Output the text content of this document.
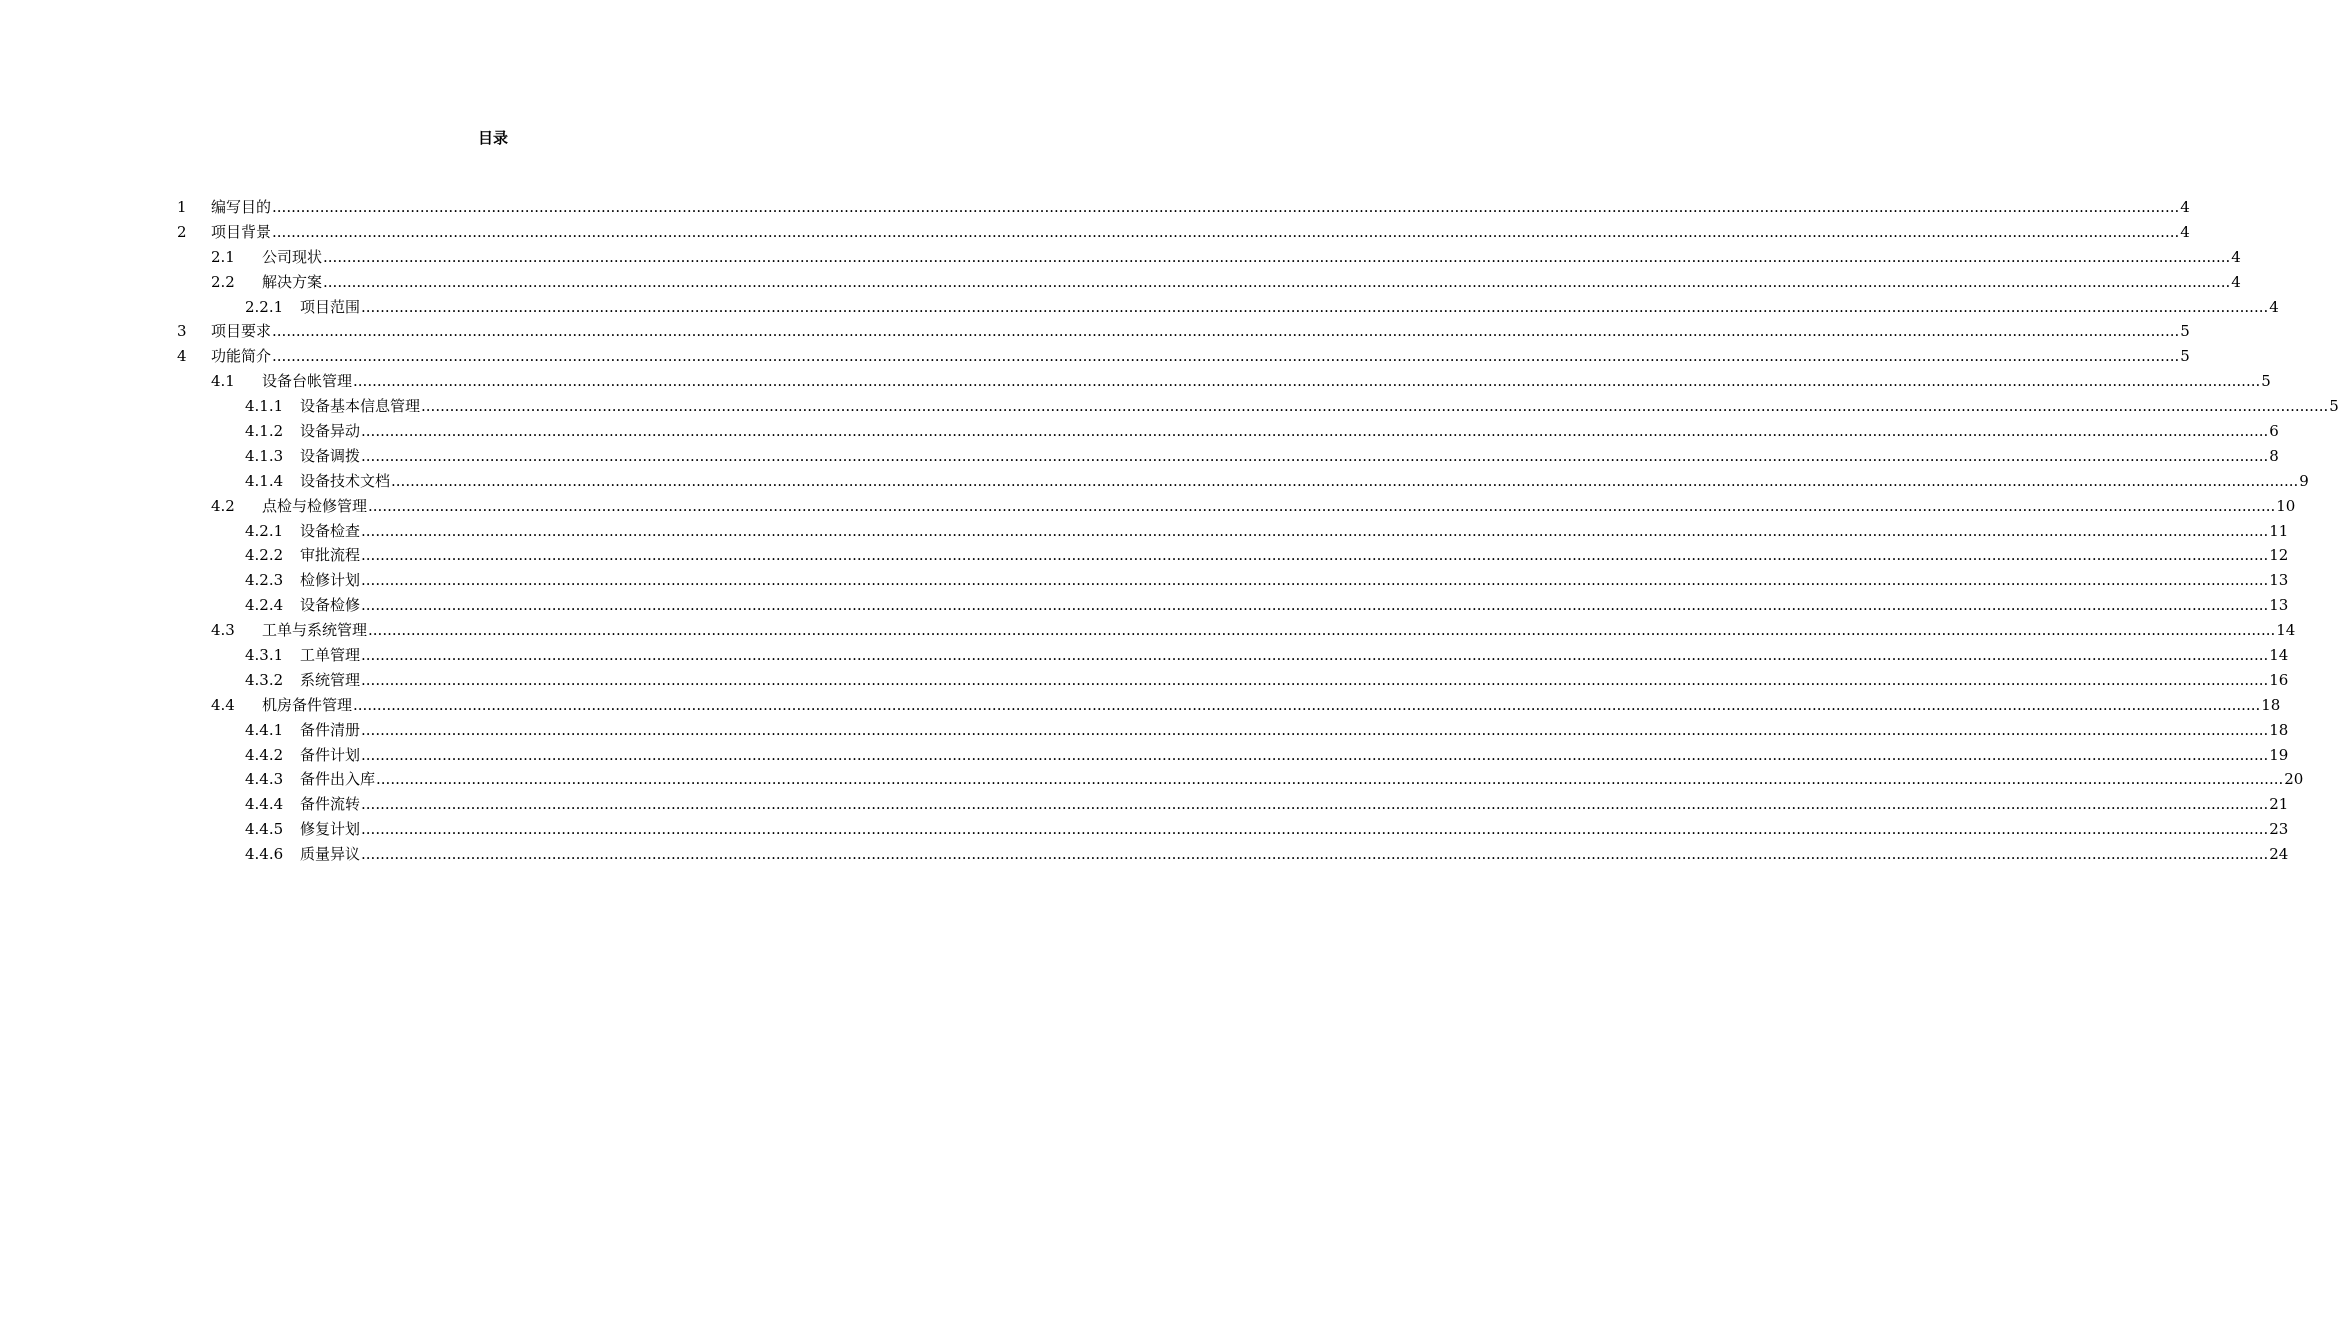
目录
1 编写目的 ................................................................................................................................................................................................................................................................................................................................................................................................................ 4
2 项目背景 ................................................................................................................................................................................................................................................................................................................................................................................................................ 4
2.1 公司现状 ................................................................................................................................................................................................................................................................................................................................................................................................................ 4
2.2 解决方案 ................................................................................................................................................................................................................................................................................................................................................................................................................ 4
2.2.1 项目范围 ................................................................................................................................................................................................................................................................................................................................................................................................................ 4
3 项目要求 ................................................................................................................................................................................................................................................................................................................................................................................................................ 5
4 功能简介 ................................................................................................................................................................................................................................................................................................................................................................................................................ 5
4.1 设备台帐管理 ................................................................................................................................................................................................................................................................................................................................................................................................................ 5
4.1.1 设备基本信息管理 ................................................................................................................................................................................................................................................................................................................................................................................................................ 5
4.1.2 设备异动 ................................................................................................................................................................................................................................................................................................................................................................................................................ 6
4.1.3 设备调拨 ................................................................................................................................................................................................................................................................................................................................................................................................................ 8
4.1.4 设备技术文档 ................................................................................................................................................................................................................................................................................................................................................................................................................ 9
4.2 点检与检修管理 ................................................................................................................................................................................................................................................................................................................................................................................................................ 10
4.2.1 设备检查 ................................................................................................................................................................................................................................................................................................................................................................................................................ 11
4.2.2 审批流程 ................................................................................................................................................................................................................................................................................................................................................................................................................ 12
4.2.3 检修计划 ................................................................................................................................................................................................................................................................................................................................................................................................................ 13
4.2.4 设备检修 ................................................................................................................................................................................................................................................................................................................................................................................................................ 13
4.3 工单与系统管理 ................................................................................................................................................................................................................................................................................................................................................................................................................ 14
4.3.1 工单管理 ................................................................................................................................................................................................................................................................................................................................................................................................................ 14
4.3.2 系统管理 ................................................................................................................................................................................................................................................................................................................................................................................................................ 16
4.4 机房备件管理 ................................................................................................................................................................................................................................................................................................................................................................................................................ 18
4.4.1 备件清册 ................................................................................................................................................................................................................................................................................................................................................................................................................ 18
4.4.2 备件计划 ................................................................................................................................................................................................................................................................................................................................................................................................................ 19
4.4.3 备件出入库 ................................................................................................................................................................................................................................................................................................................................................................................................................ 20
4.4.4 备件流转 ................................................................................................................................................................................................................................................................................................................................................................................................................ 21
4.4.5 修复计划 ................................................................................................................................................................................................................................................................................................................................................................................................................ 23
4.4.6 质量异议 ................................................................................................................................................................................................................................................................................................................................................................................................................ 24
